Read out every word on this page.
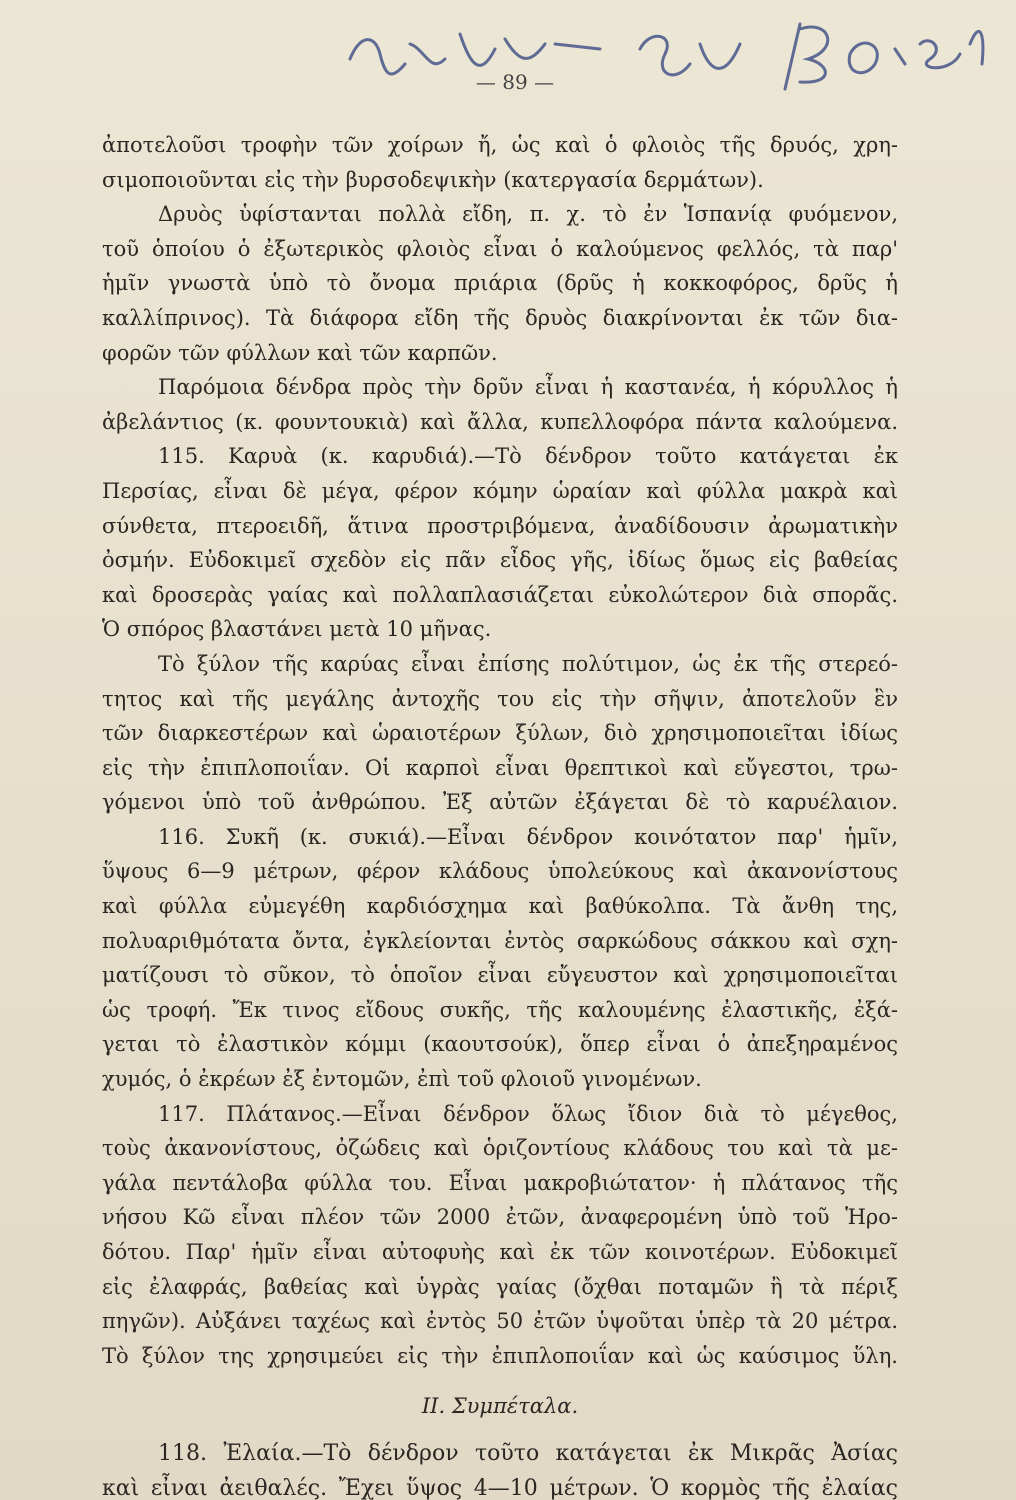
— 89 —
ἀποτελοῦσι τροφὴν τῶν χοίρων ἤ, ὡς καὶ ὁ φλοιὸς τῆς δρυός, χρη-
σιμοποιοῦνται εἰς τὴν βυρσοδεψικὴν (κατεργασία δερμάτων).
Δρυὸς ὑφίστανται πολλὰ εἴδη, π. χ. τὸ ἐν Ἱσπανίᾳ φυόμενον,
τοῦ ὁποίου ὁ ἐξωτερικὸς φλοιὸς εἶναι ὁ καλούμενος φελλός, τὰ παρ'
ἡμῖν γνωστὰ ὑπὸ τὸ ὄνομα πριάρια (δρῦς ἡ κοκκοφόρος, δρῦς ἡ
καλλίπρινος). Τὰ διάφορα εἴδη τῆς δρυὸς διακρίνονται ἐκ τῶν δια-
φορῶν τῶν φύλλων καὶ τῶν καρπῶν.
Παρόμοια δένδρα πρὸς τὴν δρῦν εἶναι ἡ καστανέα, ἡ κόρυλλος ἡ
ἀβελάντιος (κ. φουντουκιὰ) καὶ ἄλλα, κυπελλοφόρα πάντα καλούμενα.
115. Καρυὰ (κ. καρυδιά).—Τὸ δένδρον τοῦτο κατάγεται ἐκ
Περσίας, εἶναι δὲ μέγα, φέρον κόμην ὡραίαν καὶ φύλλα μακρὰ καὶ
σύνθετα, πτεροειδῆ, ἅτινα προστριβόμενα, ἀναδίδουσιν ἀρωματικὴν
ὀσμήν. Εὐδοκιμεῖ σχεδὸν εἰς πᾶν εἶδος γῆς, ἰδίως ὅμως εἰς βαθείας
καὶ δροσερὰς γαίας καὶ πολλαπλασιάζεται εὐκολώτερον διὰ σπορᾶς.
Ὁ σπόρος βλαστάνει μετὰ 10 μῆνας.
Τὸ ξύλον τῆς καρύας εἶναι ἐπίσης πολύτιμον, ὡς ἐκ τῆς στερεό-
τητος καὶ τῆς μεγάλης ἀντοχῆς του εἰς τὴν σῆψιν, ἀποτελοῦν ἓν
τῶν διαρκεστέρων καὶ ὡραιοτέρων ξύλων, διὸ χρησιμοποιεῖται ἰδίως
εἰς τὴν ἐπιπλοποιΐαν. Οἱ καρποὶ εἶναι θρεπτικοὶ καὶ εὔγεστοι, τρω-
γόμενοι ὑπὸ τοῦ ἀνθρώπου. Ἐξ αὐτῶν ἐξάγεται δὲ τὸ καρυέλαιον.
116. Συκῆ (κ. συκιά).—Εἶναι δένδρον κοινότατον παρ' ἡμῖν,
ὕψους 6—9 μέτρων, φέρον κλάδους ὑπολεύκους καὶ ἀκανονίστους
καὶ φύλλα εὐμεγέθη καρδιόσχημα καὶ βαθύκολπα. Τὰ ἄνθη της,
πολυαριθμότατα ὄντα, ἐγκλείονται ἐντὸς σαρκώδους σάκκου καὶ σχη-
ματίζουσι τὸ σῦκον, τὸ ὁποῖον εἶναι εὔγευστον καὶ χρησιμοποιεῖται
ὡς τροφή. Ἔκ τινος εἴδους συκῆς, τῆς καλουμένης ἐλαστικῆς, ἐξά-
γεται τὸ ἐλαστικὸν κόμμι (καουτσούκ), ὅπερ εἶναι ὁ ἀπεξηραμένος
χυμός, ὁ ἐκρέων ἐξ ἐντομῶν, ἐπὶ τοῦ φλοιοῦ γινομένων.
117. Πλάτανος.—Εἶναι δένδρον ὅλως ἴδιον διὰ τὸ μέγεθος,
τοὺς ἀκανονίστους, ὀζώδεις καὶ ὁριζοντίους κλάδους του καὶ τὰ με-
γάλα πεντάλοβα φύλλα του. Εἶναι μακροβιώτατον· ἡ πλάτανος τῆς
νήσου Κῶ εἶναι πλέον τῶν 2000 ἐτῶν, ἀναφερομένη ὑπὸ τοῦ Ἡρο-
δότου. Παρ' ἡμῖν εἶναι αὐτοφυὴς καὶ ἐκ τῶν κοινοτέρων. Εὐδοκιμεῖ
εἰς ἐλαφράς, βαθείας καὶ ὑγρὰς γαίας (ὄχθαι ποταμῶν ἢ τὰ πέριξ
πηγῶν). Αὐξάνει ταχέως καὶ ἐντὸς 50 ἐτῶν ὑψοῦται ὑπὲρ τὰ 20 μέτρα.
Τὸ ξύλον της χρησιμεύει εἰς τὴν ἐπιπλοποιΐαν καὶ ὡς καύσιμος ὕλη.
II. Συμπέταλα.
118. Ἐλαία.—Τὸ δένδρον τοῦτο κατάγεται ἐκ Μικρᾶς Ἀσίας
καὶ εἶναι ἀειθαλές. Ἔχει ὕψος 4—10 μέτρων. Ὁ κορμὸς τῆς ἐλαίας
